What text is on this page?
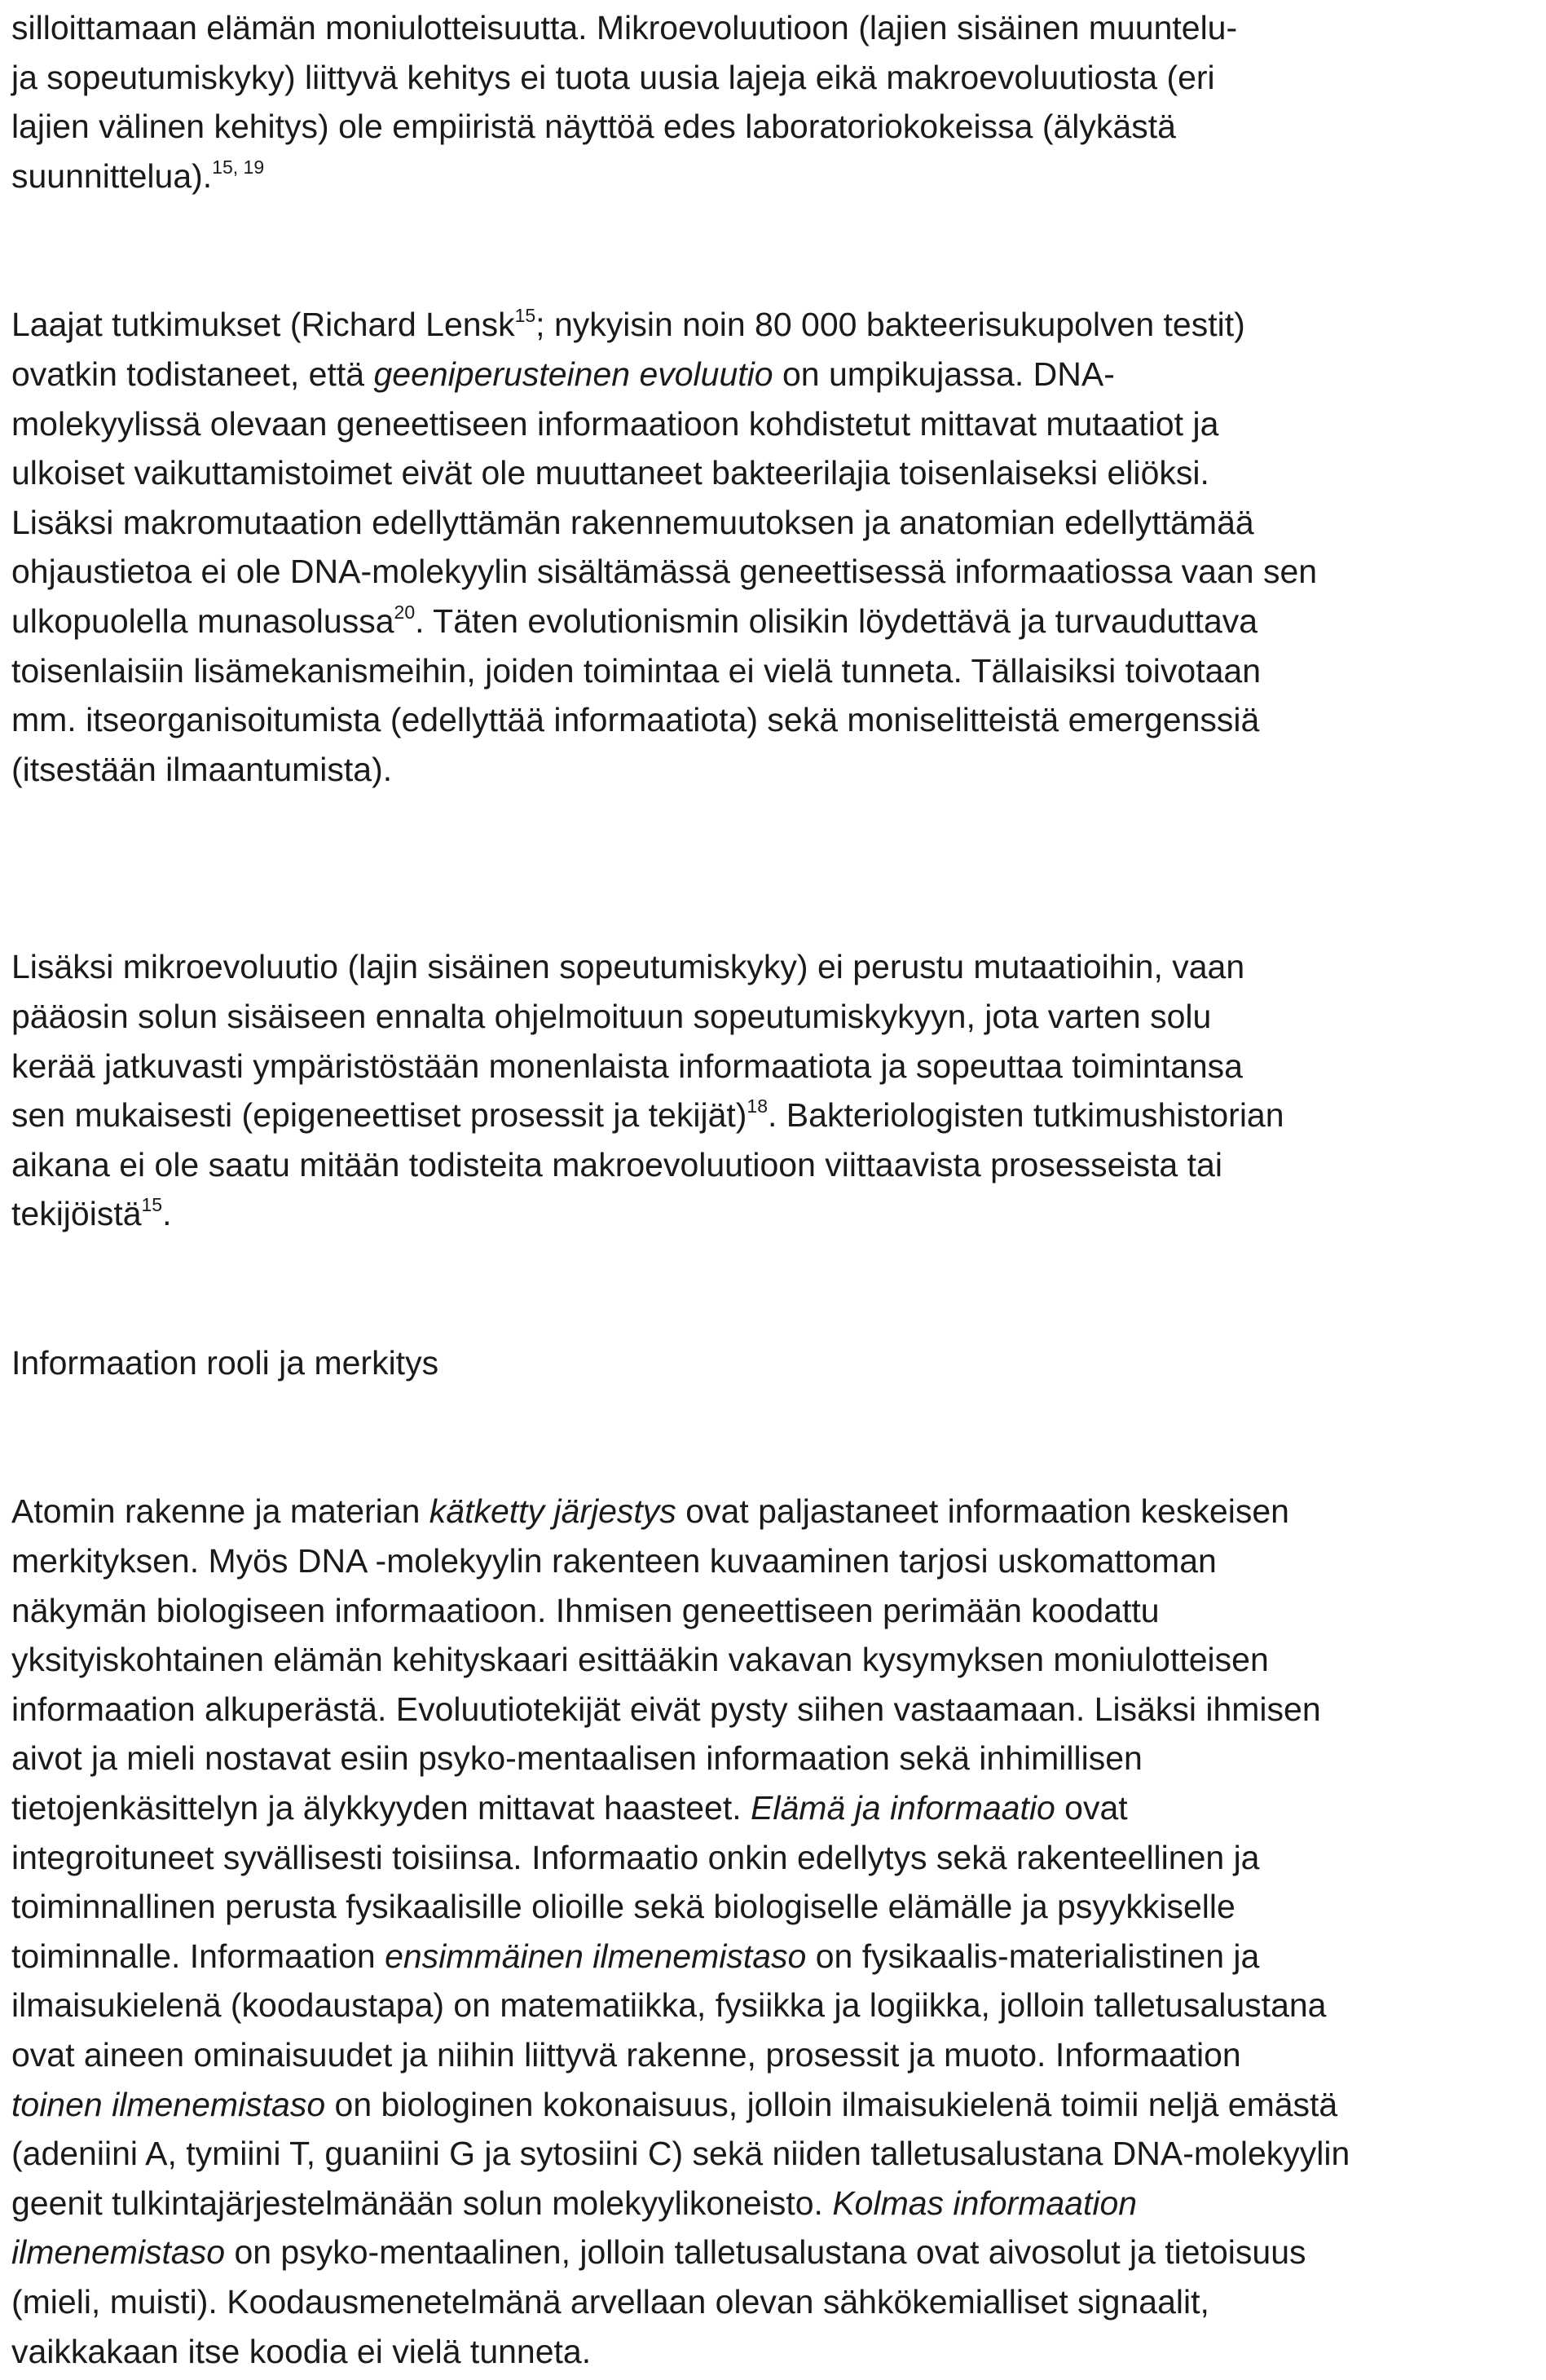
silloittamaan elämän moniulotteisuutta. Mikroevoluutioon (lajien sisäinen muuntelu-
ja sopeutumiskyky) liittyvä kehitys ei tuota uusia lajeja eikä makroevoluutiosta (eri
lajien välinen kehitys) ole empiiristä näyttöä edes laboratoriokokeissa (älykästä
suunnittelua).$^{15, 19}$
Laajat tutkimukset (Richard Lensk$^{15}$; nykyisin noin 80 000 bakteerisukupolven testit)
ovatkin todistaneet, että geeniperusteinen evoluutio on umpikujassa. DNA-
molekyylissä olevaan geneettiseen informaatioon kohdistetut mittavat mutaatiot ja
ulkoiset vaikuttamistoimet eivät ole muuttaneet bakteerilajia toisenlaiseksi eliöksi.
Lisäksi makromutaation edellyttämän rakennemuutoksen ja anatomian edellyttämää
ohjaustietoa ei ole DNA-molekyylin sisältämässä geneettisessä informaatiossa vaan sen
ulkopuolella munasolussa$^{20}$. Täten evolutionismin olisikin löydettävä ja turvauduttava
toisenlaisiin lisämekanismeihin, joiden toimintaa ei vielä tunneta. Tällaisiksi toivotaan
mm. itseorganisoitumista (edellyttää informaatiota) sekä moniselitteistä emergenssiä
(itsestään ilmaantumista).
Lisäksi mikroevoluutio (lajin sisäinen sopeutumiskyky) ei perustu mutaatioihin, vaan
pääosin solun sisäiseen ennalta ohjelmoituun sopeutumiskykyyn, jota varten solu
kerää jatkuvasti ympäristöstään monenlaista informaatiota ja sopeuttaa toimintansa
sen mukaisesti (epigeneettiset prosessit ja tekijät)$^{18}$. Bakteriologisten tutkimushistorian
aikana ei ole saatu mitään todisteita makroevoluutioon viittaavista prosesseista tai
tekijöistä$^{15}$.
Informaation rooli ja merkitys
Atomin rakenne ja materian kätketty järjestys ovat paljastaneet informaation keskeisen
merkityksen. Myös DNA -molekyylin rakenteen kuvaaminen tarjosi uskomattoman
näkymän biologiseen informaatioon. Ihmisen geneettiseen perimään koodattu
yksityiskohtainen elämän kehityskaari esittääkin vakavan kysymyksen moniulotteisen
informaation alkuperästä. Evoluutiotekijät eivät pysty siihen vastaamaan. Lisäksi ihmisen
aivot ja mieli nostavat esiin psyko-mentaalisen informaation sekä inhimillisen
tietojenkäsittelyn ja älykkyyden mittavat haasteet. Elämä ja informaatio ovat
integroituneet syvällisesti toisiinsa. Informaatio onkin edellytys sekä rakenteellinen ja
toiminnallinen perusta fysikaalisille olioille sekä biologiselle elämälle ja psyykkiselle
toiminnalle. Informaation ensimmäinen ilmenemistaso on fysikaalis-materialistinen ja
ilmaisukielenä (koodaustapa) on matematiikka, fysiikka ja logiikka, jolloin talletusalustana
ovat aineen ominaisuudet ja niihin liittyvä rakenne, prosessit ja muoto. Informaation
toinen ilmenemistaso on biologinen kokonaisuus, jolloin ilmaisukielenä toimii neljä emästä
(adeniini A, tymiini T, guaniini G ja sytosiini C) sekä niiden talletusalustana DNA-molekyylin
geenit tulkintajärjestelmänään solun molekyylikoneisto. Kolmas informaation
ilmenemistaso on psyko-mentaalinen, jolloin talletusalustana ovat aivosolut ja tietoisuus
(mieli, muisti). Koodausmenetelmänä arvellaan olevan sähkökemialliset signaalit,
vaikkakaan itse koodia ei vielä tunneta.
